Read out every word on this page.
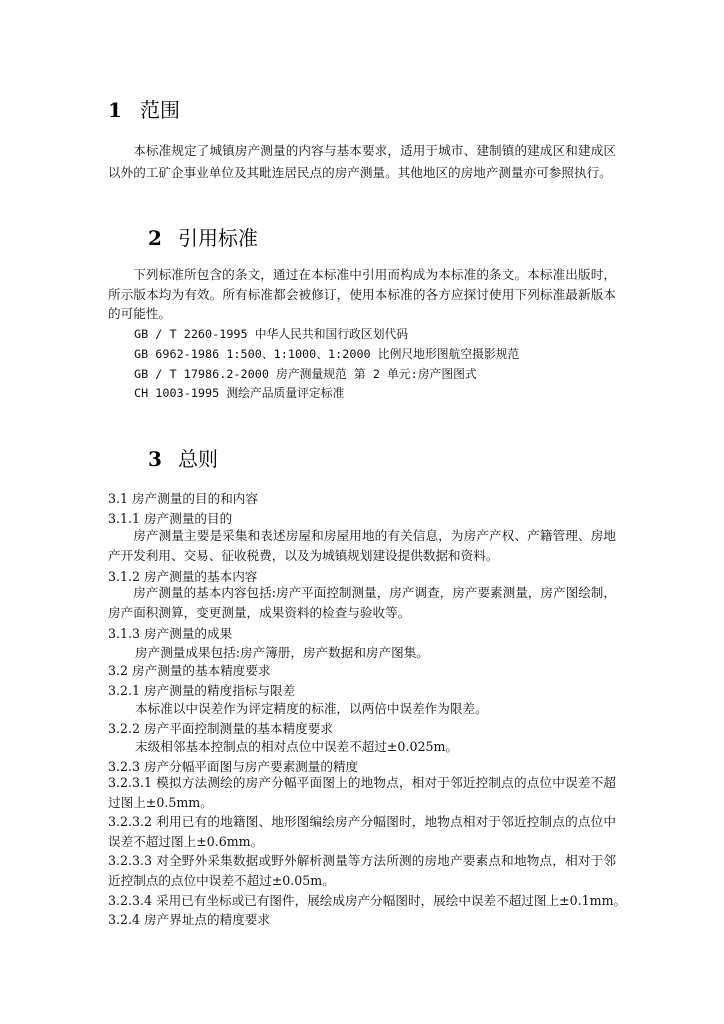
1 范围
本标准规定了城镇房产测量的内容与基本要求，适用于城市、建制镇的建成区和建成区以外的工矿企事业单位及其毗连居民点的房产测量。其他地区的房地产测量亦可参照执行。
2 引用标准
下列标准所包含的条文，通过在本标准中引用而构成为本标准的条文。本标准出版时，所示版本均为有效。所有标准都会被修订，使用本标准的各方应探讨使用下列标准最新版本的可能性。
GB / T 2260-1995 中华人民共和国行政区划代码
GB 6962-1986 1:500、1:1000、1:2000 比例尺地形图航空摄影规范
GB / T 17986.2-2000 房产测量规范 第 2 单元:房产图图式
CH 1003-1995 测绘产品质量评定标准
3 总则
3.1 房产测量的目的和内容
3.1.1 房产测量的目的
房产测量主要是采集和表述房屋和房屋用地的有关信息，为房产产权、产籍管理、房地产开发利用、交易、征收税费，以及为城镇规划建设提供数据和资料。
3.1.2 房产测量的基本内容
房产测量的基本内容包括:房产平面控制测量，房产调查，房产要素测量，房产图绘制，房产面积测算，变更测量，成果资料的检查与验收等。
3.1.3 房产测量的成果
房产测量成果包括:房产簿册，房产数据和房产图集。
3.2 房产测量的基本精度要求
3.2.1 房产测量的精度指标与限差
本标准以中误差作为评定精度的标准，以两倍中误差作为限差。
3.2.2 房产平面控制测量的基本精度要求
末级相邻基本控制点的相对点位中误差不超过±0.025m。
3.2.3 房产分幅平面图与房产要素测量的精度
3.2.3.1 模拟方法测绘的房产分幅平面图上的地物点，相对于邻近控制点的点位中误差不超过图上±0.5mm。
3.2.3.2 利用已有的地籍图、地形图编绘房产分幅图时，地物点相对于邻近控制点的点位中误差不超过图上±0.6mm。
3.2.3.3 对全野外采集数据或野外解析测量等方法所测的房地产要素点和地物点，相对于邻近控制点的点位中误差不超过±0.05m。
3.2.3.4 采用已有坐标或已有图件，展绘成房产分幅图时，展绘中误差不超过图上±0.1mm。
3.2.4 房产界址点的精度要求
